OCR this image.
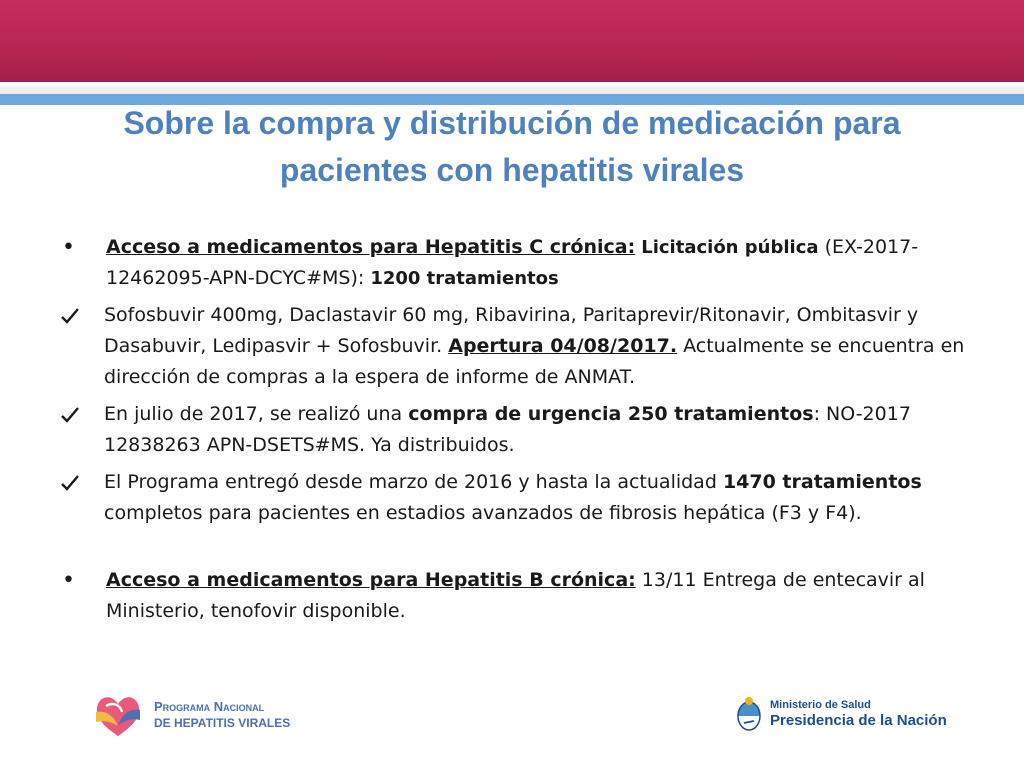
Sobre la compra y distribución de medicación para
pacientes con hepatitis virales
•	Acceso a medicamentos para Hepatitis C crónica: Licitación pública (EX-2017-12462095-APN-DCYC#MS): 1200 tratamientos
Sofosbuvir 400mg, Daclastavir 60 mg, Ribavirina, Paritaprevir/Ritonavir, Ombitasvir y Dasabuvir, Ledipasvir + Sofosbuvir. Apertura 04/08/2017. Actualmente se encuentra en dirección de compras a la espera de informe de ANMAT.
En julio de 2017, se realizó una compra de urgencia 250 tratamientos: NO-2017 12838263 APN-DSETS#MS. Ya distribuidos.
El Programa entregó desde marzo de 2016 y hasta la actualidad 1470 tratamientos completos para pacientes en estadios avanzados de fibrosis hepática (F3 y F4).
•	Acceso a medicamentos para Hepatitis B crónica: 13/11 Entrega de entecavir al Ministerio, tenofovir disponible.
Programa Nacional
DE HEPATITIS VIRALES
Ministerio de Salud
Presidencia de la Nación
